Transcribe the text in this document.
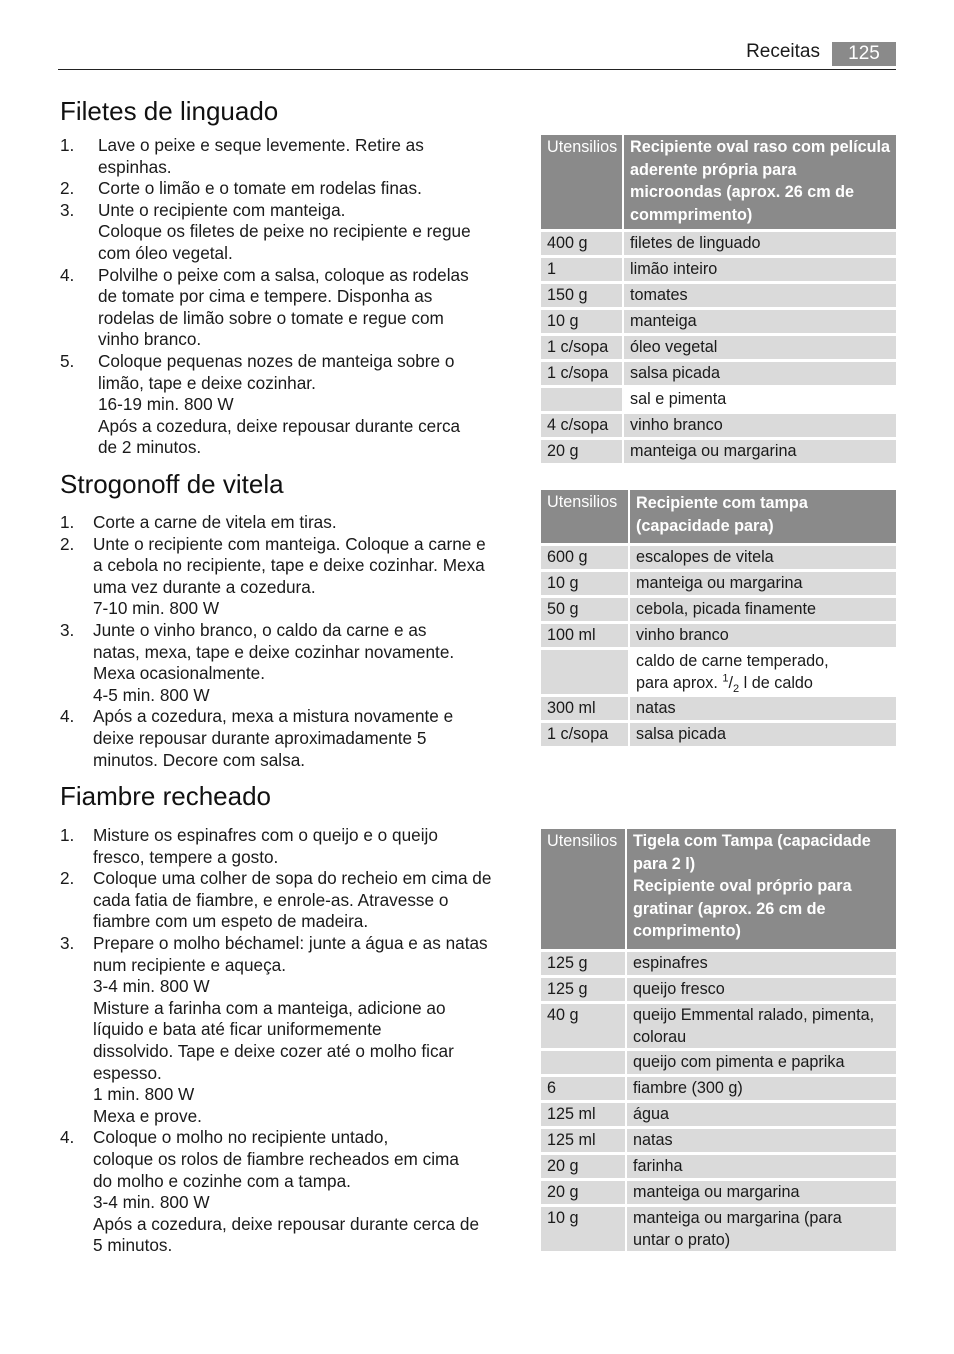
Receitas	125
Filetes de linguado
1. Lave o peixe e seque levemente. Retire as
espinhas.
2. Corte o limão e o tomate em rodelas finas.
3. Unte o recipiente com manteiga.
Coloque os filetes de peixe no recipiente e regue
com óleo vegetal.
4. Polvilhe o peixe com a salsa, coloque as rodelas
de tomate por cima e tempere. Disponha as
rodelas de limão sobre o tomate e regue com
vinho branco.
5. Coloque pequenas nozes de manteiga sobre o
limão, tape e deixe cozinhar.
16-19 min. 800 W
Após a cozedura, deixe repousar durante cerca
de 2 minutos.
Utensilios	Recipiente oval raso com película aderente própria para microondas (aprox. 26 cm de commprimento)
400 g	filetes de linguado
1	limão inteiro
150 g	tomates
10 g	manteiga
1 c/sopa	óleo vegetal
1 c/sopa	salsa picada
	sal e pimenta
4 c/sopa	vinho branco
20 g	manteiga ou margarina
Strogonoff de vitela
1. Corte a carne de vitela em tiras.
2. Unte o recipiente com manteiga. Coloque a carne e
a cebola no recipiente, tape e deixe cozinhar. Mexa
uma vez durante a cozedura.
7-10 min. 800 W
3. Junte o vinho branco, o caldo da carne e as
natas, mexa, tape e deixe cozinhar novamente.
Mexa ocasionalmente.
4-5 min. 800 W
4. Após a cozedura, mexa a mistura novamente e
deixe repousar durante aproximadamente 5
minutos. Decore com salsa.
Utensilios	Recipiente com tampa (capacidade para)
600 g	escalopes de vitela
10 g	manteiga ou margarina
50 g	cebola, picada finamente
100 ml	vinho branco

	caldo de carne temperado,
para aprox. $^1/_2$ l de caldo

300 ml	natas
1 c/sopa	salsa picada
Fiambre recheado
1. Misture os espinafres com o queijo e o queijo
fresco, tempere a gosto.
2. Coloque uma colher de sopa do recheio em cima de
cada fatia de fiambre, e enrole-as. Atravesse o
fiambre com um espeto de madeira.
3. Prepare o molho béchamel: junte a água e as natas
num recipiente e aqueça.
3-4 min. 800 W
Misture a farinha com a manteiga, adicione ao
líquido e bata até ficar uniformemente
dissolvido. Tape e deixe cozer até o molho ficar
espesso.
1 min. 800 W
Mexa e prove.
4. Coloque o molho no recipiente untado,
coloque os rolos de fiambre recheados em cima
do molho e cozinhe com a tampa.
3-4 min. 800 W
Após a cozedura, deixe repousar durante cerca de
5 minutos.
Utensilios	Tigela com Tampa (capacidade
para 2 l)
Recipiente oval próprio para
gratinar (aprox. 26 cm de
comprimento)

125 g	espinafres
125 g	queijo fresco
40 g	queijo Emmental ralado, pimenta,
colorau

	queijo com pimenta e paprika
6	fiambre (300 g)
125 ml	água
125 ml	natas
20 g	farinha
20 g	manteiga ou margarina
10 g	manteiga ou margarina (para
untar o prato)
